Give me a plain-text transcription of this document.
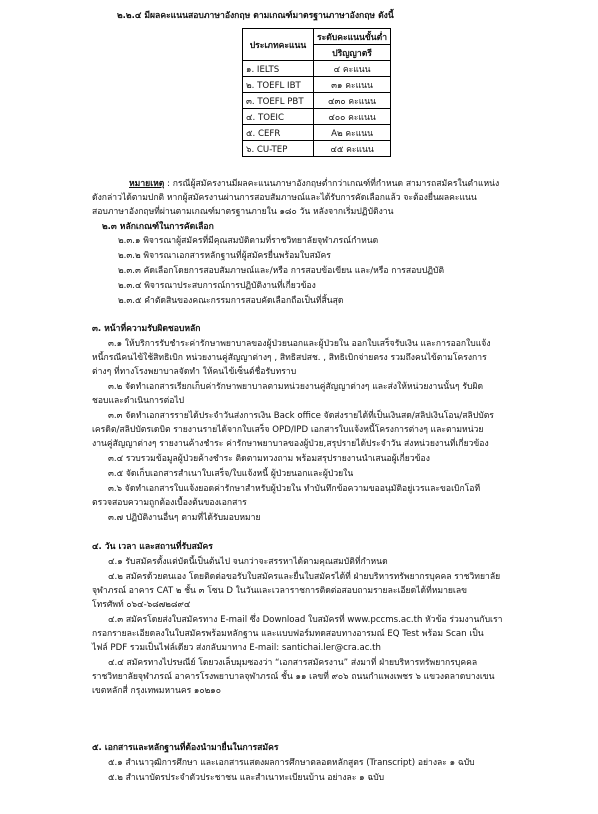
๒.๒.๔ มีผลคะแนนสอบภาษาอังกฤษ ตามเกณฑ์มาตรฐานภาษาอังกฤษ ดังนี้
ประเภทคะแนน	ระดับคะแนนขั้นต่ำ
	ปริญญาตรี
๑. IELTS	๔ คะแนน
๒. TOEFL IBT	๓๑ คะแนน
๓. TOEFL PBT	๔๓๐ คะแนน
๔. TOEIC	๔๐๐ คะแนน
๕. CEFR	A๒ คะแนน
๖. CU-TEP	๔๕ คะแนน
หมายเหตุ : กรณีผู้สมัครงานมีผลคะแนนภาษาอังกฤษต่ำกว่าเกณฑ์ที่กำหนด สามารถสมัครในตำแหน่ง
ดังกล่าวได้ตามปกติ หากผู้สมัครงานผ่านการสอบสัมภาษณ์และได้รับการคัดเลือกแล้ว จะต้องยื่นผลคะแนน
สอบภาษาอังกฤษที่ผ่านตามเกณฑ์มาตรฐานภายใน ๑๘๐ วัน หลังจากเริ่มปฏิบัติงาน
๒.๓ หลักเกณฑ์ในการคัดเลือก
๒.๓.๑ พิจารณาผู้สมัครที่มีคุณสมบัติตามที่ราชวิทยาลัยจุฬาภรณ์กำหนด
๒.๓.๒ พิจารณาเอกสารหลักฐานที่ผู้สมัครยื่นพร้อมใบสมัคร
๒.๓.๓ คัดเลือกโดยการสอบสัมภาษณ์และ/หรือ การสอบข้อเขียน และ/หรือ การสอบปฏิบัติ
๒.๓.๔ พิจารณาประสบการณ์การปฏิบัติงานที่เกี่ยวข้อง
๒.๓.๕ คำตัดสินของคณะกรรมการสอบคัดเลือกถือเป็นที่สิ้นสุด
๓. หน้าที่ความรับผิดชอบหลัก
๓.๑ ให้บริการรับชำระค่ารักษาพยาบาลของผู้ป่วยนอกและผู้ป่วยใน ออกใบเสร็จรับเงิน และการออกใบแจ้ง
หนี้กรณีคนไข้ใช้สิทธิเบิก หน่วยงานคู่สัญญาต่างๆ , สิทธิสปสช. , สิทธิเบิกจ่ายตรง รวมถึงคนไข้ตามโครงการ
ต่างๆ ที่ทางโรงพยาบาลจัดทำ ให้คนไข้เซ็นต์ชื่อรับทราบ
๓.๒ จัดทำเอกสารเรียกเก็บค่ารักษาพยาบาลตามหน่วยงานคู่สัญญาต่างๆ และส่งให้หน่วยงานนั้นๆ รับผิด
ชอบและดำเนินการต่อไป
๓.๓ จัดทำเอกสารรายได้ประจำวันส่งการเงิน Back office จัดส่งรายได้ที่เป็นเงินสด/สลิปเงินโอน/สลิปบัตร
เครดิต/สลิปบัตรเดบิต รายงานรายได้จากใบเสร็จ OPD/IPD เอกสารใบแจ้งหนี้โครงการต่างๆ และตามหน่วย
งานคู่สัญญาต่างๆ รายงานค้างชำระ ค่ารักษาพยาบาลของผู้ป่วย,สรุปรายได้ประจำวัน ส่งหน่วยงานที่เกี่ยวข้อง
๓.๔ รวบรวมข้อมูลผู้ป่วยค้างชำระ ติดตามทวงถาม พร้อมสรุปรายงานนำเสนอผู้เกี่ยวข้อง
๓.๕ จัดเก็บเอกสารสำเนาใบเสร็จ/ใบแจ้งหนี้ ผู้ป่วยนอกและผู้ป่วยใน
๓.๖ จัดทำเอกสารใบแจ้งยอดค่ารักษาสำหรับผู้ป่วยใน ทำบันทึกข้อความขออนุมัติอยู่เวรและขอเบิกโอที
ตรวจสอบความถูกต้องเบื้องต้นของเอกสาร
๓.๗ ปฏิบัติงานอื่นๆ ตามที่ได้รับมอบหมาย
๔. วัน เวลา และสถานที่รับสมัคร
๔.๑ รับสมัครตั้งแต่บัดนี้เป็นต้นไป จนกว่าจะสรรหาได้ตามคุณสมบัติที่กำหนด
๔.๒ สมัครด้วยตนเอง โดยติดต่อขอรับใบสมัครและยื่นใบสมัครได้ที่ ฝ่ายบริหารทรัพยากรบุคคล ราชวิทยาลัย
จุฬาภรณ์ อาคาร CAT ๒ ชั้น ๓ โซน D ในวันและเวลาราชการติดต่อสอบถามรายละเอียดได้ที่หมายเลข
โทรศัพท์ ๐๖๔-๖๘๗๒๘๙๔
๔.๓ สมัครโดยส่งใบสมัครทาง E-mail ซึ่ง Download ใบสมัครที่ www.pccms.ac.th หัวข้อ ร่วมงานกับเรา
กรอกรายละเอียดลงในใบสมัครพร้อมหลักฐาน และแบบฟอร์มทดสอบทางอารมณ์ EQ Test พร้อม Scan เป็น
ไฟล์ PDF รวมเป็นไฟล์เดียว ส่งกลับมาทาง E-mail: santichai.ler@cra.ac.th
๔.๔ สมัครทางไปรษณีย์ โดยวงเล็บมุมซองว่า “เอกสารสมัครงาน” ส่งมาที่ ฝ่ายบริหารทรัพยากรบุคคล
ราชวิทยาลัยจุฬาภรณ์ อาคารโรงพยาบาลจุฬาภรณ์ ชั้น ๑๑ เลขที่ ๙๐๖ ถนนกำแพงเพชร ๖ แขวงตลาดบางเขน
เขตหลักสี่ กรุงเทพมหานคร ๑๐๒๑๐
๕. เอกสารและหลักฐานที่ต้องนำมายื่นในการสมัคร
๕.๑ สำเนาวุฒิการศึกษา และเอกสารแสดงผลการศึกษาตลอดหลักสูตร (Transcript) อย่างละ ๑ ฉบับ
๕.๒ สำเนาบัตรประจำตัวประชาชน และสำเนาทะเบียนบ้าน อย่างละ ๑ ฉบับ
